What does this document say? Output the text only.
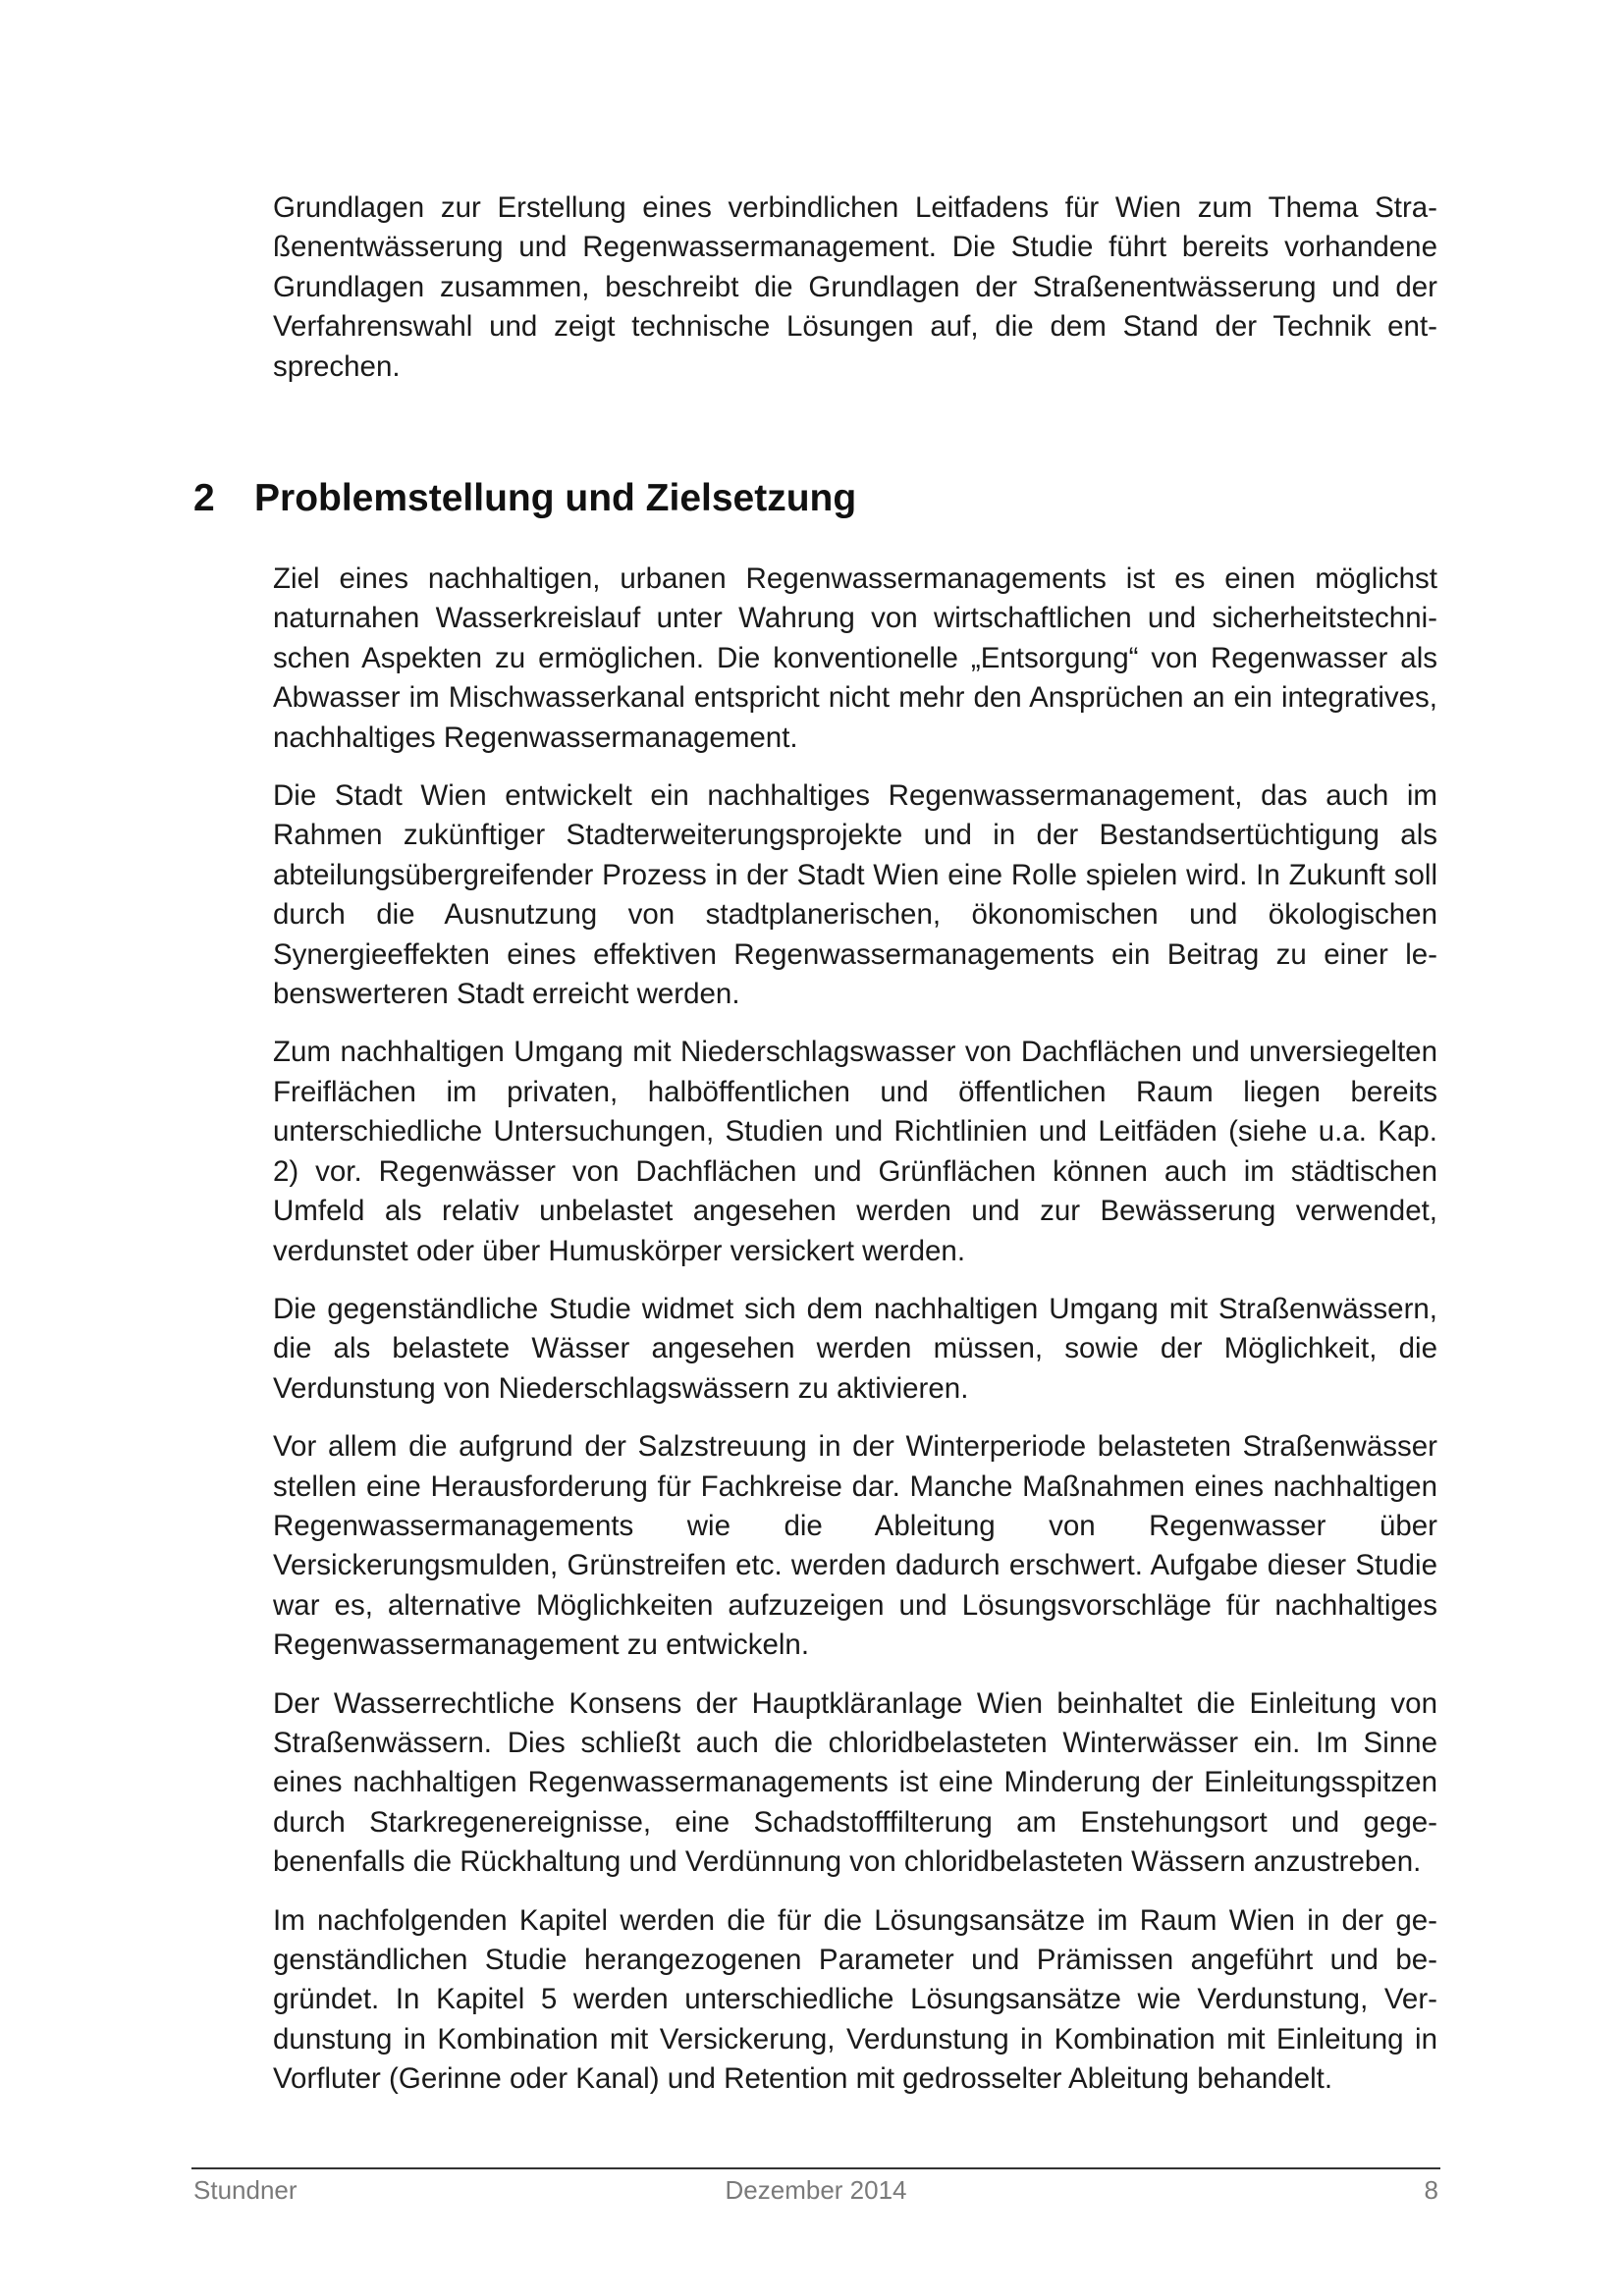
Grundlagen zur Erstellung eines verbindlichen Leitfadens für Wien zum Thema Straßenentwässerung und Regenwassermanagement. Die Studie führt bereits vorhandene Grundlagen zusammen, beschreibt die Grundlagen der Straßenentwässerung und der Verfahrenswahl und zeigt technische Lösungen auf, die dem Stand der Technik entsprechen.

2 Problemstellung und Zielsetzung

Ziel eines nachhaltigen, urbanen Regenwassermanagements ist es einen möglichst naturnahen Wasserkreislauf unter Wahrung von wirtschaftlichen und sicherheitstechnischen Aspekten zu ermöglichen. Die konventionelle „Entsorgung“ von Regenwasser als Abwasser im Mischwasserkanal entspricht nicht mehr den Ansprüchen an ein integratives, nachhaltiges Regenwassermanagement.

Die Stadt Wien entwickelt ein nachhaltiges Regenwassermanagement, das auch im Rahmen zukünftiger Stadterweiterungsprojekte und in der Bestandsertüchtigung als abteilungsübergreifender Prozess in der Stadt Wien eine Rolle spielen wird. In Zukunft soll durch die Ausnutzung von stadtplanerischen, ökonomischen und ökologischen Synergieeffekten eines effektiven Regenwassermanagements ein Beitrag zu einer lebenswerteren Stadt erreicht werden.

Zum nachhaltigen Umgang mit Niederschlagswasser von Dachflächen und unversiegelten Freiflächen im privaten, halböffentlichen und öffentlichen Raum liegen bereits unterschiedliche Untersuchungen, Studien und Richtlinien und Leitfäden (siehe u.a. Kap. 2) vor. Regenwässer von Dachflächen und Grünflächen können auch im städtischen Umfeld als relativ unbelastet angesehen werden und zur Bewässerung verwendet, verdunstet oder über Humuskörper versickert werden.

Die gegenständliche Studie widmet sich dem nachhaltigen Umgang mit Straßenwässern, die als belastete Wässer angesehen werden müssen, sowie der Möglichkeit, die Verdunstung von Niederschlagswässern zu aktivieren.

Vor allem die aufgrund der Salzstreuung in der Winterperiode belasteten Straßenwässer stellen eine Herausforderung für Fachkreise dar. Manche Maßnahmen eines nachhaltigen Regenwassermanagements wie die Ableitung von Regenwasser über Versickerungsmulden, Grünstreifen etc. werden dadurch erschwert. Aufgabe dieser Studie war es, alternative Möglichkeiten aufzuzeigen und Lösungsvorschläge für nachhaltiges Regenwassermanagement zu entwickeln.

Der Wasserrechtliche Konsens der Hauptkläranlage Wien beinhaltet die Einleitung von Straßenwässern. Dies schließt auch die chloridbelasteten Winterwässer ein. Im Sinne eines nachhaltigen Regenwassermanagements ist eine Minderung der Einleitungsspitzen durch Starkregenereignisse, eine Schadstofffilterung am Enstehungsort und gegebenenfalls die Rückhaltung und Verdünnung von chloridbelasteten Wässern anzustreben.

Im nachfolgenden Kapitel werden die für die Lösungsansätze im Raum Wien in der gegenständlichen Studie herangezogenen Parameter und Prämissen angeführt und begründet. In Kapitel 5 werden unterschiedliche Lösungsansätze wie Verdunstung, Verdunstung in Kombination mit Versickerung, Verdunstung in Kombination mit Einleitung in Vorfluter (Gerinne oder Kanal) und Retention mit gedrosselter Ableitung behandelt.

Stundner	Dezember 2014	8
